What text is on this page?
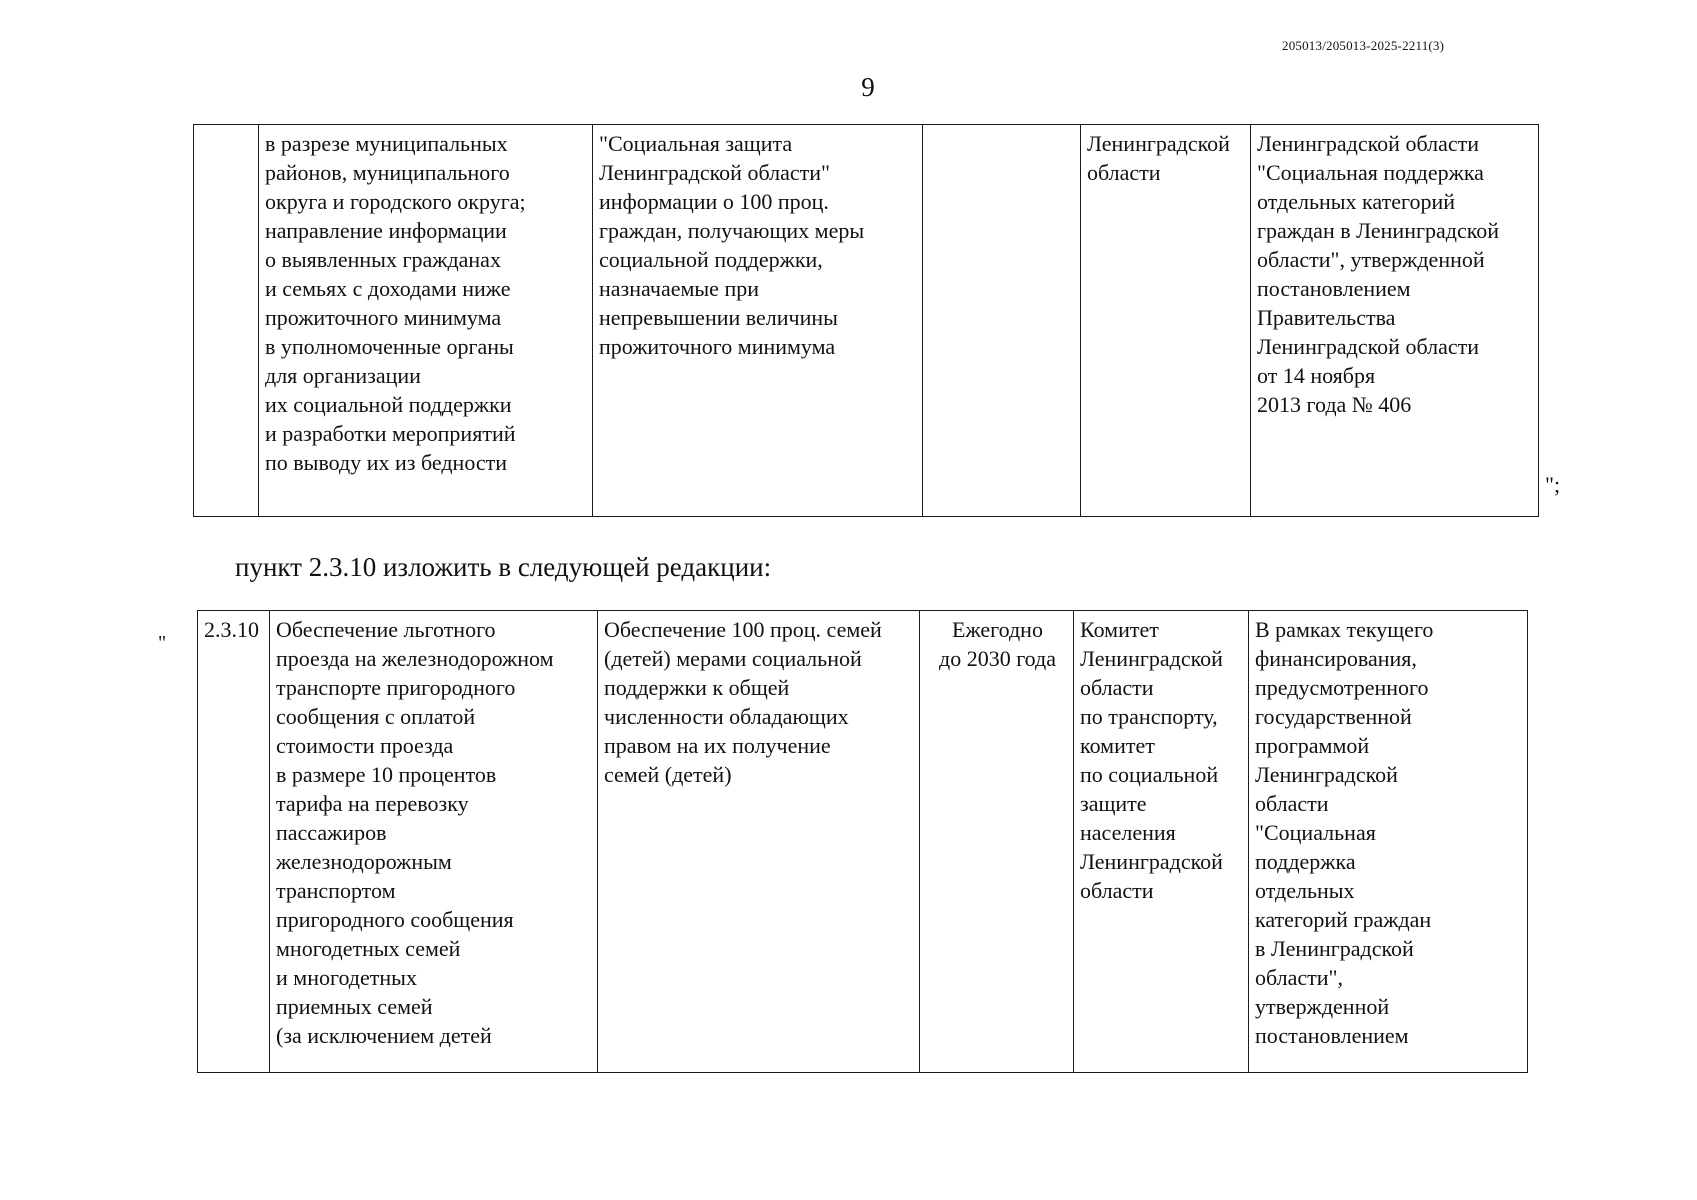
205013/205013-2025-2211(3)
9
	в разрезе муниципальных
районов, муниципального
округа и городского округа;
направление информации
о выявленных гражданах
и семьях с доходами ниже
прожиточного минимума
в уполномоченные органы
для организации
их социальной поддержки
и разработки мероприятий
по выводу их из бедности	"Социальная защита
Ленинградской области"
информации о 100 проц.
граждан, получающих меры
социальной поддержки,
назначаемые при
непревышении величины
прожиточного минимума		Ленинградской
области	Ленинградской области
"Социальная поддержка
отдельных категорий
граждан в Ленинградской
области", утвержденной
постановлением
Правительства
Ленинградской области
от 14 ноября
2013 года № 406
";
пункт 2.3.10 изложить в следующей редакции:
"
2.3.10	Обеспечение льготного
проезда на железнодорожном
транспорте пригородного
сообщения с оплатой
стоимости проезда
в размере 10 процентов
тарифа на перевозку
пассажиров
железнодорожным
транспортом
пригородного сообщения
многодетных семей
и многодетных
приемных семей
(за исключением детей	Обеспечение 100 проц. семей
(детей) мерами социальной
поддержки к общей
численности обладающих
правом на их получение
семей (детей)	Ежегодно
до 2030 года	Комитет
Ленинградской
области
по транспорту,
комитет
по социальной
защите
населения
Ленинградской
области	В рамках текущего
финансирования,
предусмотренного
государственной
программой
Ленинградской
области
"Социальная
поддержка
отдельных
категорий граждан
в Ленинградской
области",
утвержденной
постановлением
